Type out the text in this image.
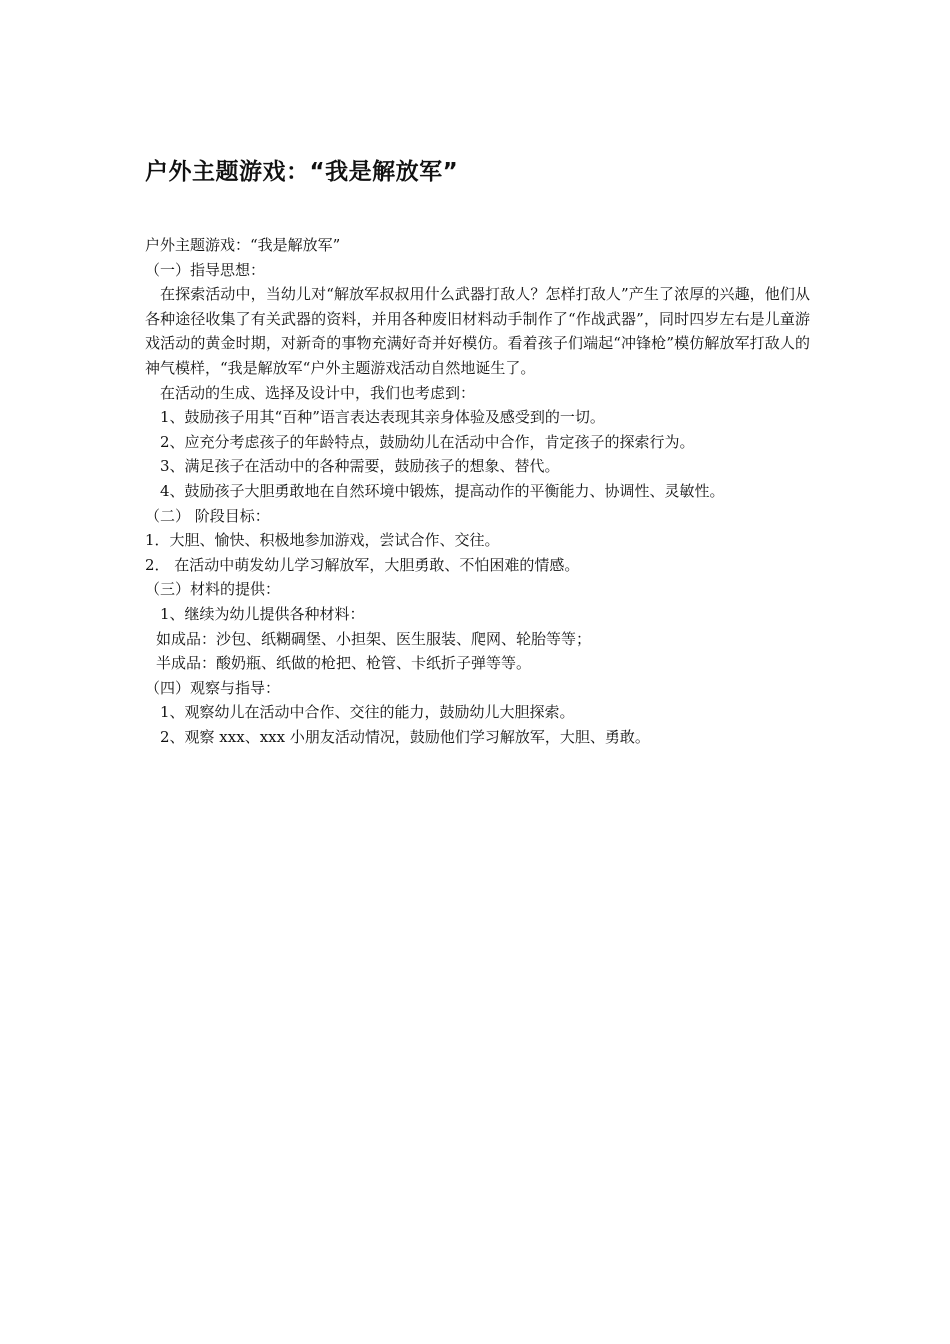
户外主题游戏：“我是解放军”
户外主题游戏：“我是解放军”
（一）指导思想：
在探索活动中，当幼儿对“解放军叔叔用什么武器打敌人？怎样打敌人”产生了浓厚的兴趣，他们从各种途径收集了有关武器的资料，并用各种废旧材料动手制作了“作战武器”，同时四岁左右是儿童游戏活动的黄金时期，对新奇的事物充满好奇并好模仿。看着孩子们端起“冲锋枪”模仿解放军打敌人的神气模样，“我是解放军“户外主题游戏活动自然地诞生了。
在活动的生成、选择及设计中，我们也考虑到：
1、鼓励孩子用其“百种”语言表达表现其亲身体验及感受到的一切。
2、应充分考虑孩子的年龄特点，鼓励幼儿在活动中合作，肯定孩子的探索行为。
3、满足孩子在活动中的各种需要，鼓励孩子的想象、替代。
4、鼓励孩子大胆勇敢地在自然环境中锻炼，提高动作的平衡能力、协调性、灵敏性。
（二） 阶段目标：
1．大胆、愉快、积极地参加游戏，尝试合作、交往。
2． 在活动中萌发幼儿学习解放军，大胆勇敢、不怕困难的情感。
（三）材料的提供：
1、继续为幼儿提供各种材料：
如成品：沙包、纸糊碉堡、小担架、医生服装、爬网、轮胎等等；
半成品：酸奶瓶、纸做的枪把、枪管、卡纸折子弹等等。
（四）观察与指导：
1、观察幼儿在活动中合作、交往的能力，鼓励幼儿大胆探索。
2、观察 xxx、xxx 小朋友活动情况，鼓励他们学习解放军，大胆、勇敢。
